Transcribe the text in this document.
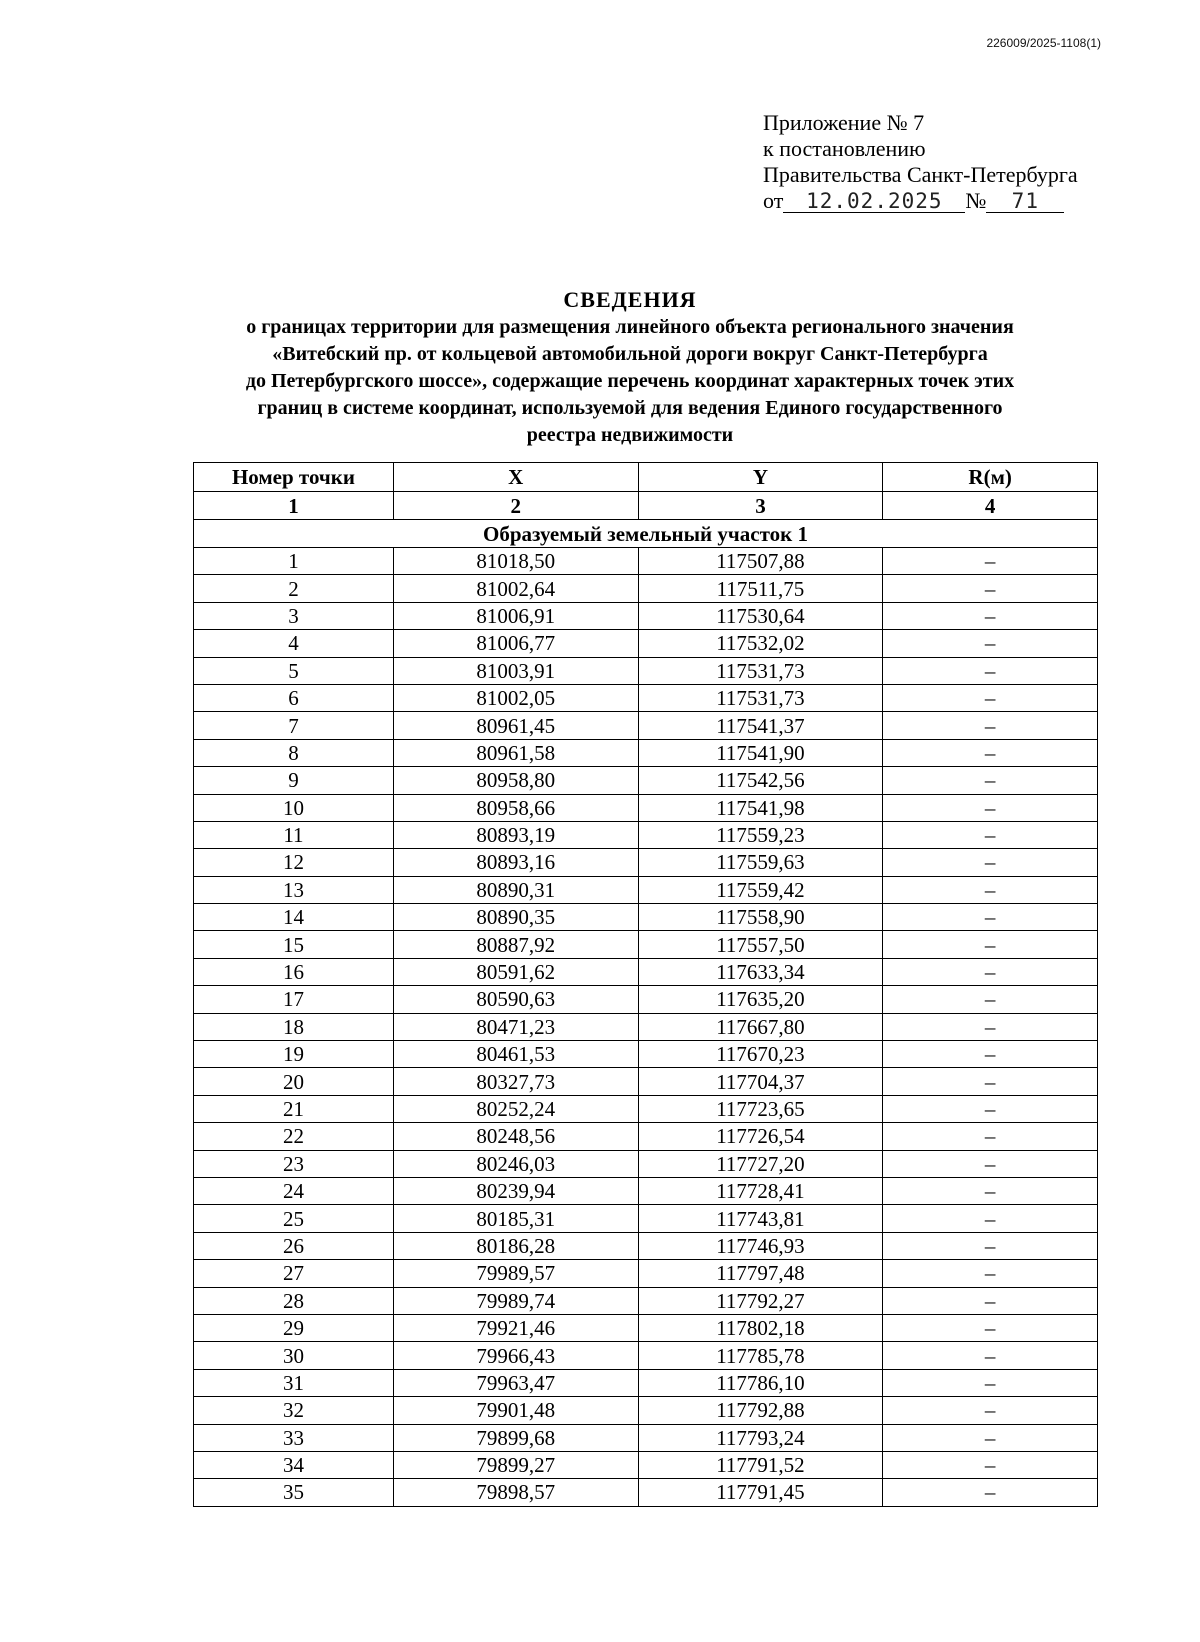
226009/2025-1108(1)
Приложение № 7
к постановлению
Правительства Санкт-Петербурга
от	12.02.2025	№	71
СВЕДЕНИЯ

о границах территории для размещения линейного объекта регионального значения

«Витебский пр. от кольцевой автомобильной дороги вокруг Санкт-Петербурга

до Петербургского шоссе», содержащие перечень координат характерных точек этих

границ в системе координат, используемой для ведения Единого государственного

реестра недвижимости

Номер точки	X	Y	R(м)
1	2	3	4
Образуемый земельный участок 1			
1	81018,50	117507,88	–
2	81002,64	117511,75	–
3	81006,91	117530,64	–
4	81006,77	117532,02	–
5	81003,91	117531,73	–
6	81002,05	117531,73	–
7	80961,45	117541,37	–
8	80961,58	117541,90	–
9	80958,80	117542,56	–
10	80958,66	117541,98	–
11	80893,19	117559,23	–
12	80893,16	117559,63	–
13	80890,31	117559,42	–
14	80890,35	117558,90	–
15	80887,92	117557,50	–
16	80591,62	117633,34	–
17	80590,63	117635,20	–
18	80471,23	117667,80	–
19	80461,53	117670,23	–
20	80327,73	117704,37	–
21	80252,24	117723,65	–
22	80248,56	117726,54	–
23	80246,03	117727,20	–
24	80239,94	117728,41	–
25	80185,31	117743,81	–
26	80186,28	117746,93	–
27	79989,57	117797,48	–
28	79989,74	117792,27	–
29	79921,46	117802,18	–
30	79966,43	117785,78	–
31	79963,47	117786,10	–
32	79901,48	117792,88	–
33	79899,68	117793,24	–
34	79899,27	117791,52	–
35	79898,57	117791,45	–
